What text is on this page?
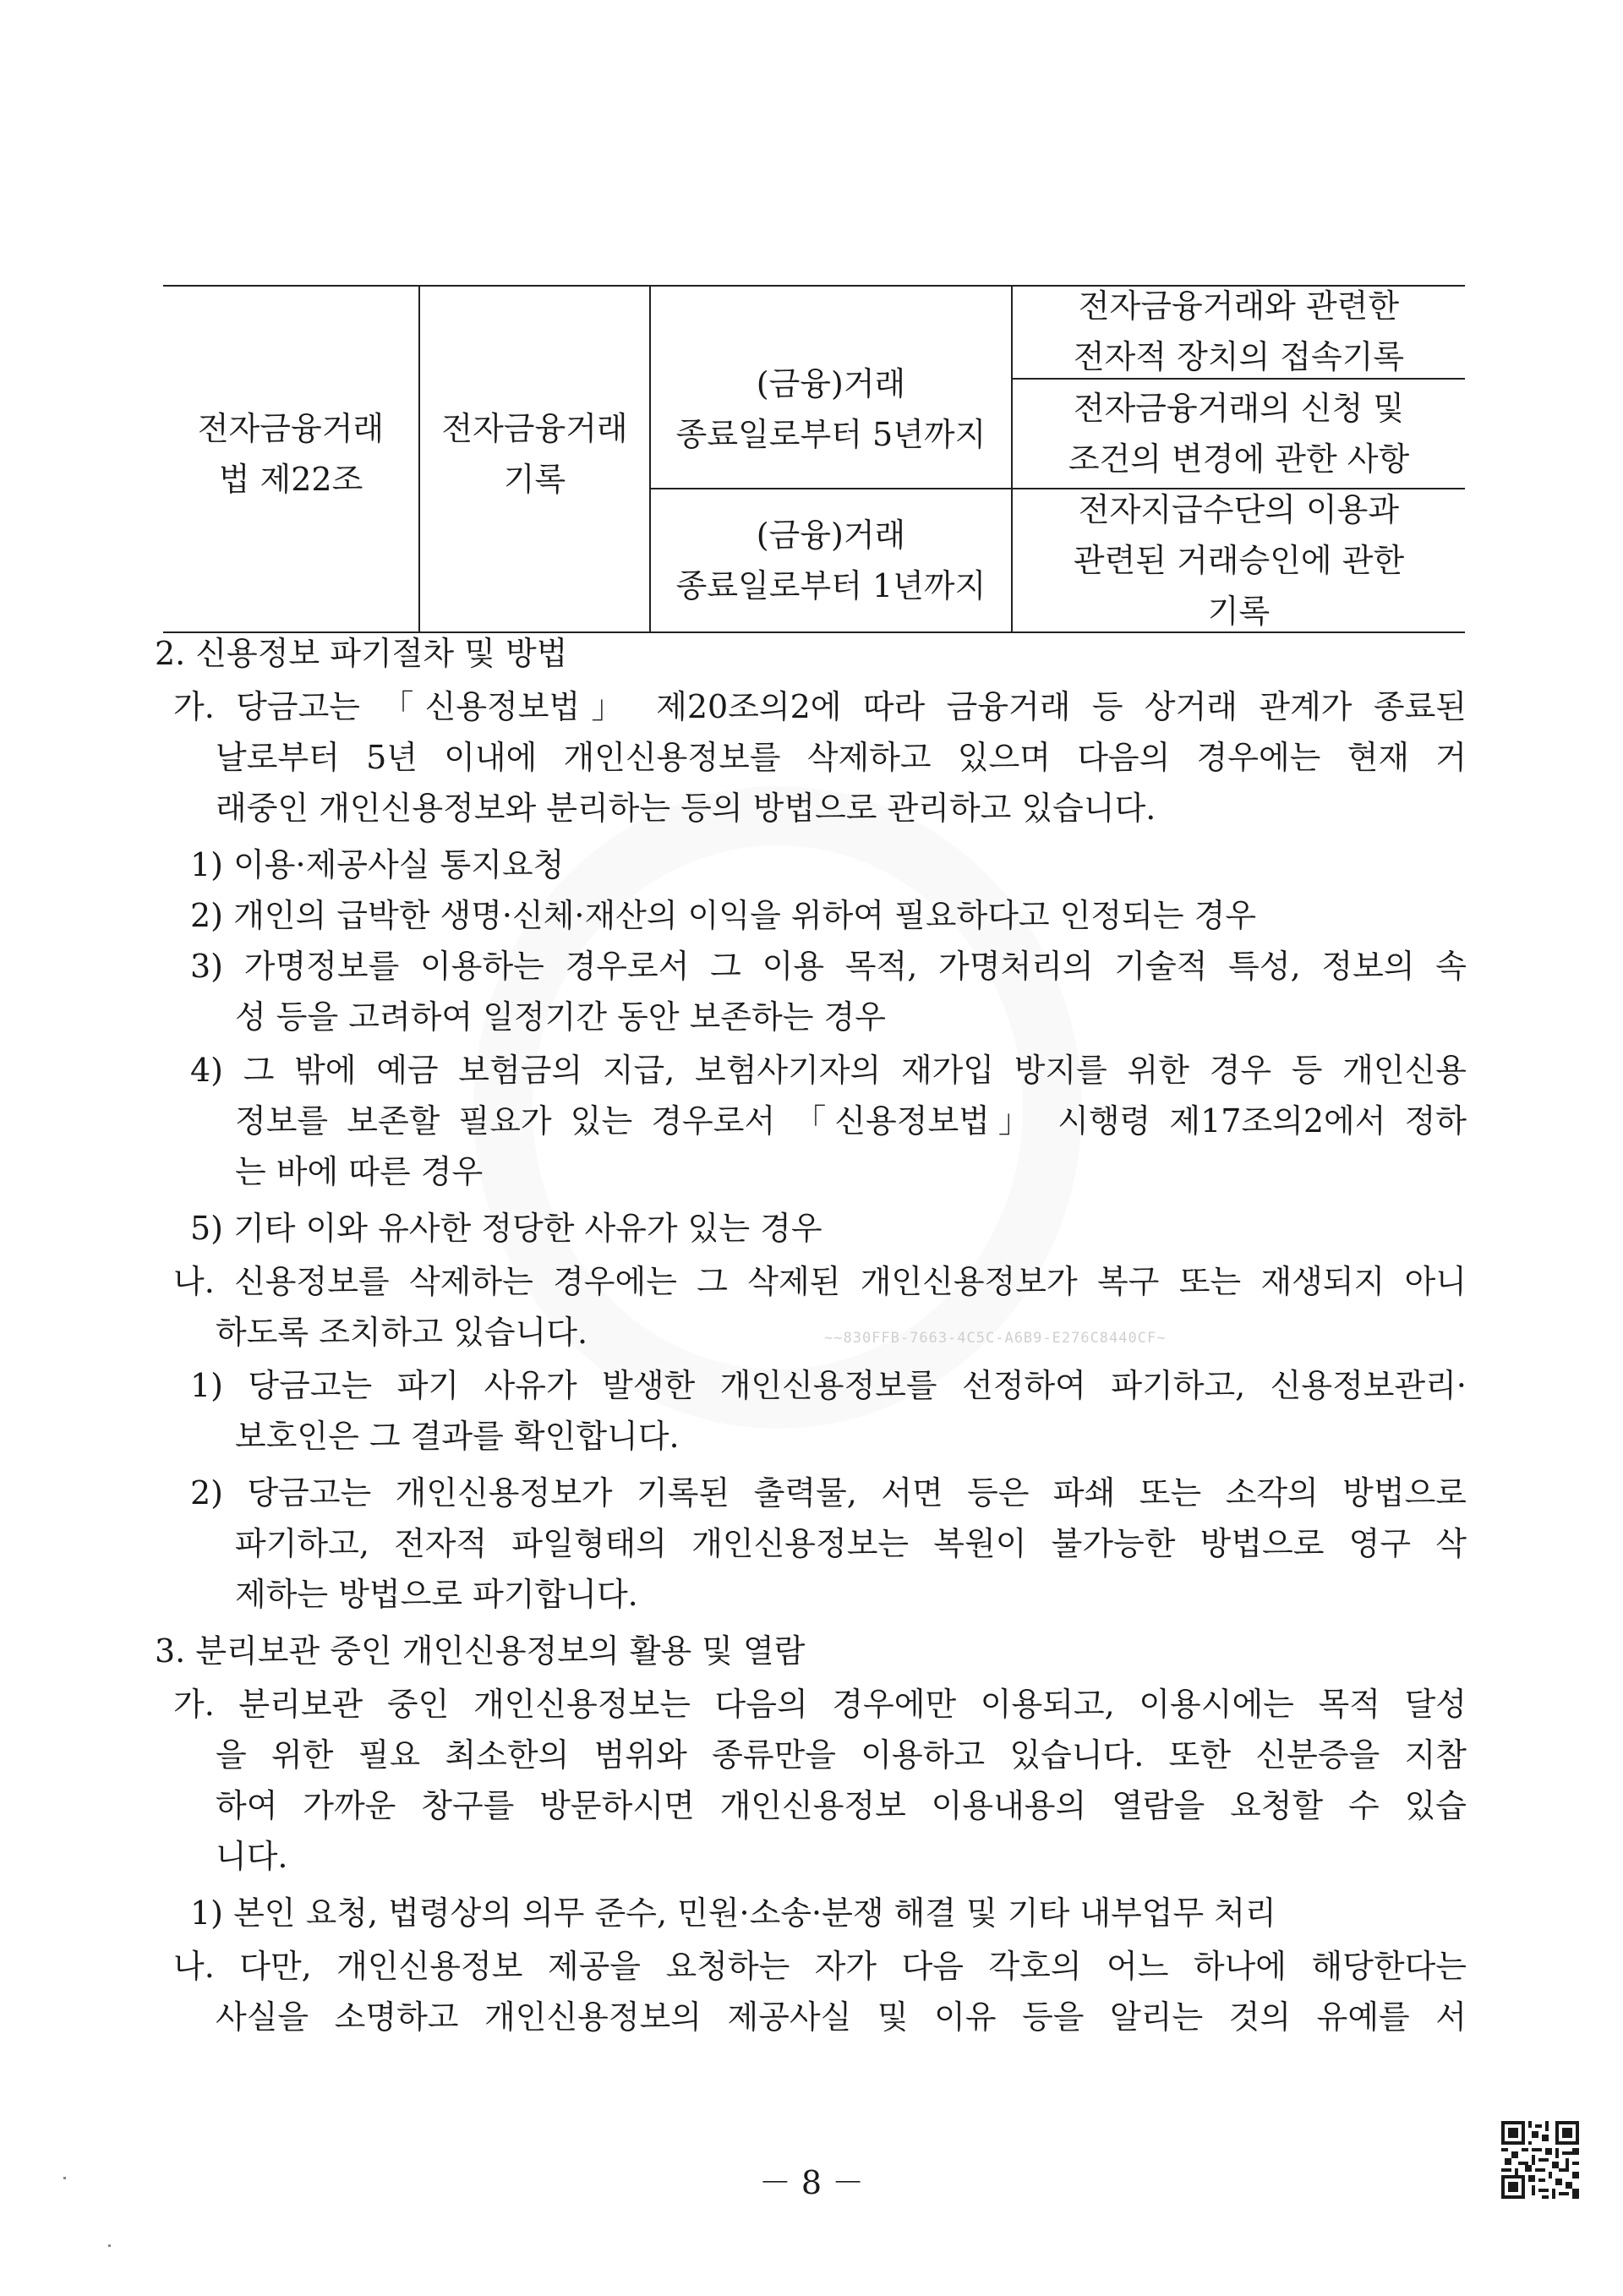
전자금융거래
법 제22조
전자금융거래
기록
(금융)거래
종료일로부터 5년까지
(금융)거래
종료일로부터 1년까지
전자금융거래와 관련한
전자적 장치의 접속기록
전자금융거래의 신청 및
조건의 변경에 관한 사항
전자지급수단의 이용과
관련된 거래승인에 관한
기록
2. 신용정보 파기절차 및 방법
가. 당금고는 「신용정보법」 제20조의2에 따라 금융거래 등 상거래 관계가 종료된
날로부터 5년 이내에 개인신용정보를 삭제하고 있으며 다음의 경우에는 현재 거
래중인 개인신용정보와 분리하는 등의 방법으로 관리하고 있습니다.
1) 이용·제공사실 통지요청
2) 개인의 급박한 생명·신체·재산의 이익을 위하여 필요하다고 인정되는 경우
3) 가명정보를 이용하는 경우로서 그 이용 목적, 가명처리의 기술적 특성, 정보의 속
성 등을 고려하여 일정기간 동안 보존하는 경우
4) 그 밖에 예금 보험금의 지급, 보험사기자의 재가입 방지를 위한 경우 등 개인신용
정보를 보존할 필요가 있는 경우로서 「신용정보법」 시행령 제17조의2에서 정하
는 바에 따른 경우
5) 기타 이와 유사한 정당한 사유가 있는 경우
나. 신용정보를 삭제하는 경우에는 그 삭제된 개인신용정보가 복구 또는 재생되지 아니
하도록 조치하고 있습니다.
1) 당금고는 파기 사유가 발생한 개인신용정보를 선정하여 파기하고, 신용정보관리·
보호인은 그 결과를 확인합니다.
2) 당금고는 개인신용정보가 기록된 출력물, 서면 등은 파쇄 또는 소각의 방법으로
파기하고, 전자적 파일형태의 개인신용정보는 복원이 불가능한 방법으로 영구 삭
제하는 방법으로 파기합니다.
3. 분리보관 중인 개인신용정보의 활용 및 열람
가. 분리보관 중인 개인신용정보는 다음의 경우에만 이용되고, 이용시에는 목적 달성
을 위한 필요 최소한의 범위와 종류만을 이용하고 있습니다. 또한 신분증을 지참
하여 가까운 창구를 방문하시면 개인신용정보 이용내용의 열람을 요청할 수 있습
니다.
1) 본인 요청, 법령상의 의무 준수, 민원·소송·분쟁 해결 및 기타 내부업무 처리
나. 다만, 개인신용정보 제공을 요청하는 자가 다음 각호의 어느 하나에 해당한다는
사실을 소명하고 개인신용정보의 제공사실 및 이유 등을 알리는 것의 유예를 서
~~830FFB-7663-4C5C-A6B9-E276C8440CF~
－ 8 －
